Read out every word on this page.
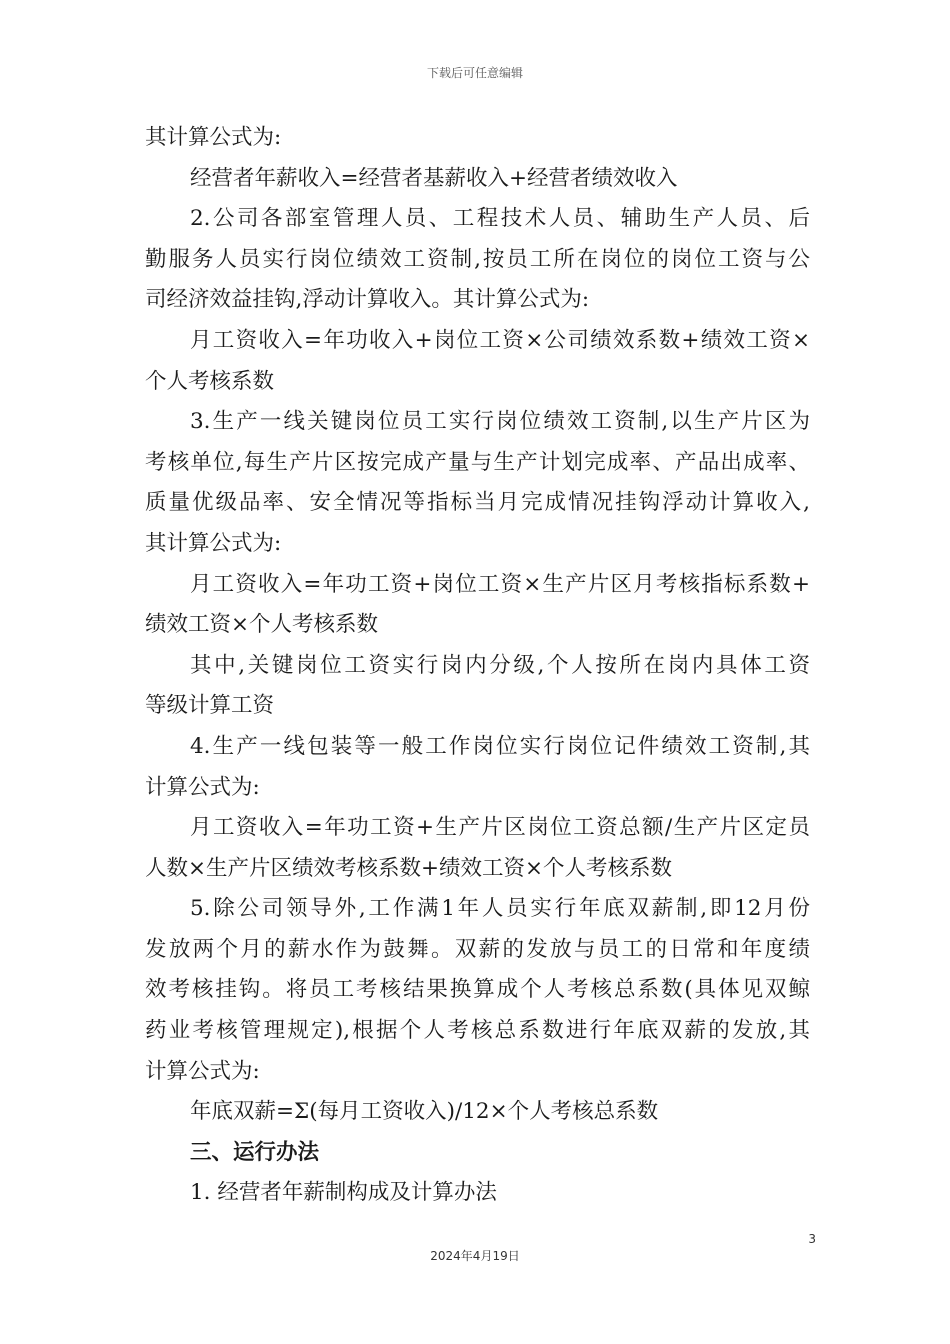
下载后可任意编辑
其计算公式为:
经营者年薪收入=经营者基薪收入+经营者绩效收入
2.公司各部室管理人员、工程技术人员、辅助生产人员、后
勤服务人员实行岗位绩效工资制,按员工所在岗位的岗位工资与公
司经济效益挂钩,浮动计算收入。其计算公式为:
月工资收入=年功收入+岗位工资×公司绩效系数+绩效工资×
个人考核系数
3.生产一线关键岗位员工实行岗位绩效工资制,以生产片区为
考核单位,每生产片区按完成产量与生产计划完成率、产品出成率、
质量优级品率、安全情况等指标当月完成情况挂钩浮动计算收入,
其计算公式为:
月工资收入=年功工资+岗位工资×生产片区月考核指标系数+
绩效工资×个人考核系数
其中,关键岗位工资实行岗内分级,个人按所在岗内具体工资
等级计算工资
4.生产一线包装等一般工作岗位实行岗位记件绩效工资制,其
计算公式为:
月工资收入=年功工资+生产片区岗位工资总额/生产片区定员
人数×生产片区绩效考核系数+绩效工资×个人考核系数
5.除公司领导外,工作满1年人员实行年底双薪制,即12月份
发放两个月的薪水作为鼓舞。双薪的发放与员工的日常和年度绩
效考核挂钩。将员工考核结果换算成个人考核总系数(具体见双鲸
药业考核管理规定),根据个人考核总系数进行年底双薪的发放,其
计算公式为:
年底双薪=Σ(每月工资收入)/12×个人考核总系数
三、运行办法
1. 经营者年薪制构成及计算办法
3
2024年4月19日
